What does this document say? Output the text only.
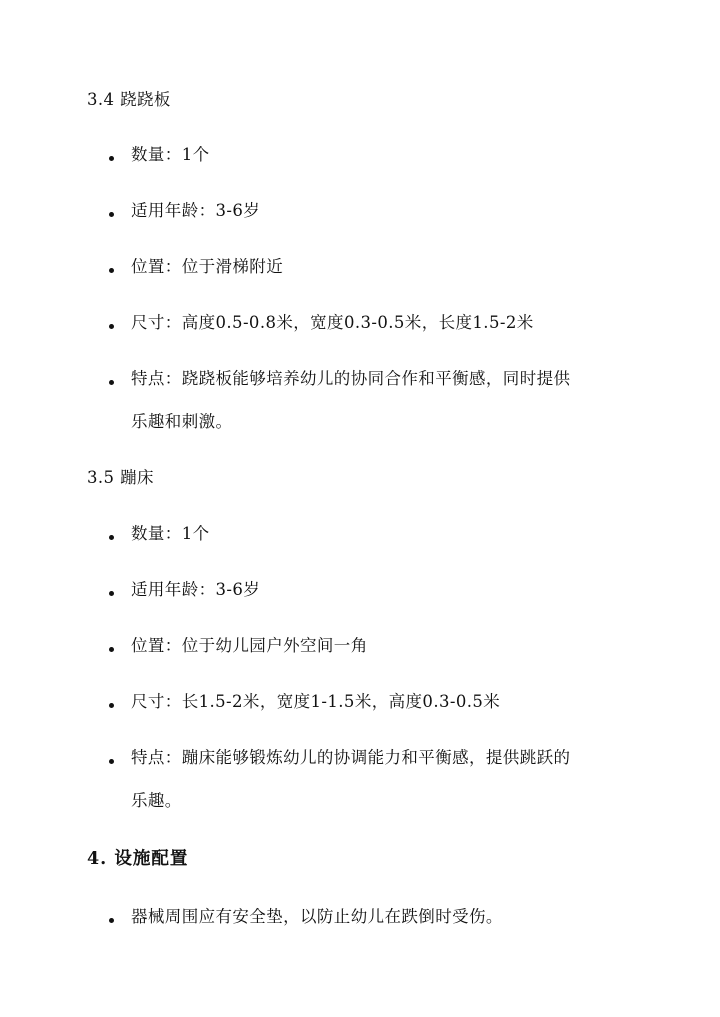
3.4 跷跷板
数量：1个
适用年龄：3-6岁
位置：位于滑梯附近
尺寸：高度0.5-0.8米，宽度0.3-0.5米，长度1.5-2米
特点：跷跷板能够培养幼儿的协同合作和平衡感，同时提供
乐趣和刺激。
3.5 蹦床
数量：1个
适用年龄：3-6岁
位置：位于幼儿园户外空间一角
尺寸：长1.5-2米，宽度1-1.5米，高度0.3-0.5米
特点：蹦床能够锻炼幼儿的协调能力和平衡感，提供跳跃的
乐趣。
4. 设施配置
器械周围应有安全垫，以防止幼儿在跌倒时受伤。
